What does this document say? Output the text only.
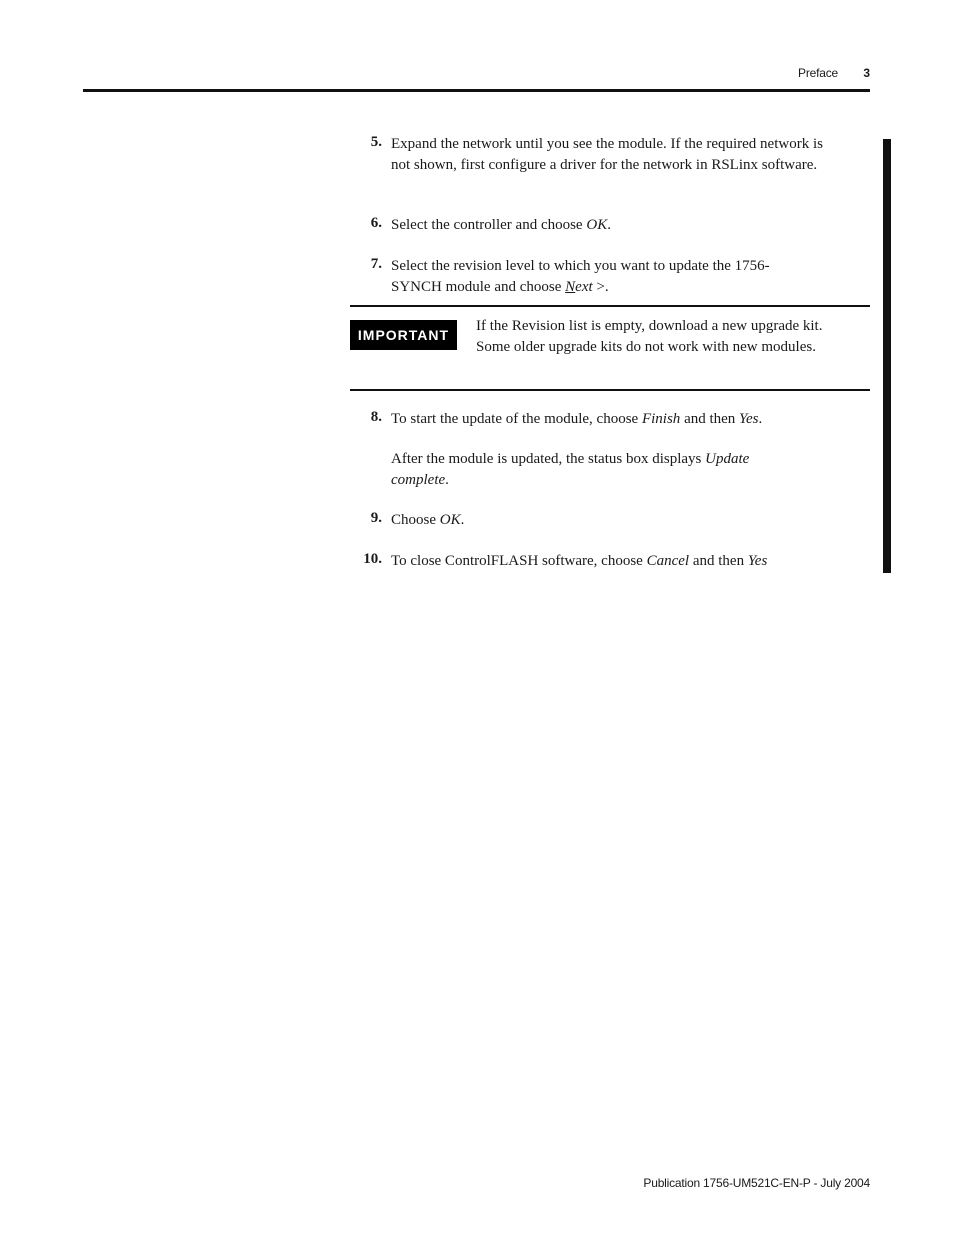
Preface	3
5. Expand the network until you see the module. If the required network is not shown, first configure a driver for the network in RSLinx software.
6. Select the controller and choose OK.
7. Select the revision level to which you want to update the 1756-SYNCH module and choose Next >.
IMPORTANT
If the Revision list is empty, download a new upgrade kit. Some older upgrade kits do not work with new modules.
8. To start the update of the module, choose Finish and then Yes.
After the module is updated, the status box displays Update complete.
9. Choose OK.
10. To close ControlFLASH software, choose Cancel and then Yes
Publication 1756-UM521C-EN-P - July 2004
